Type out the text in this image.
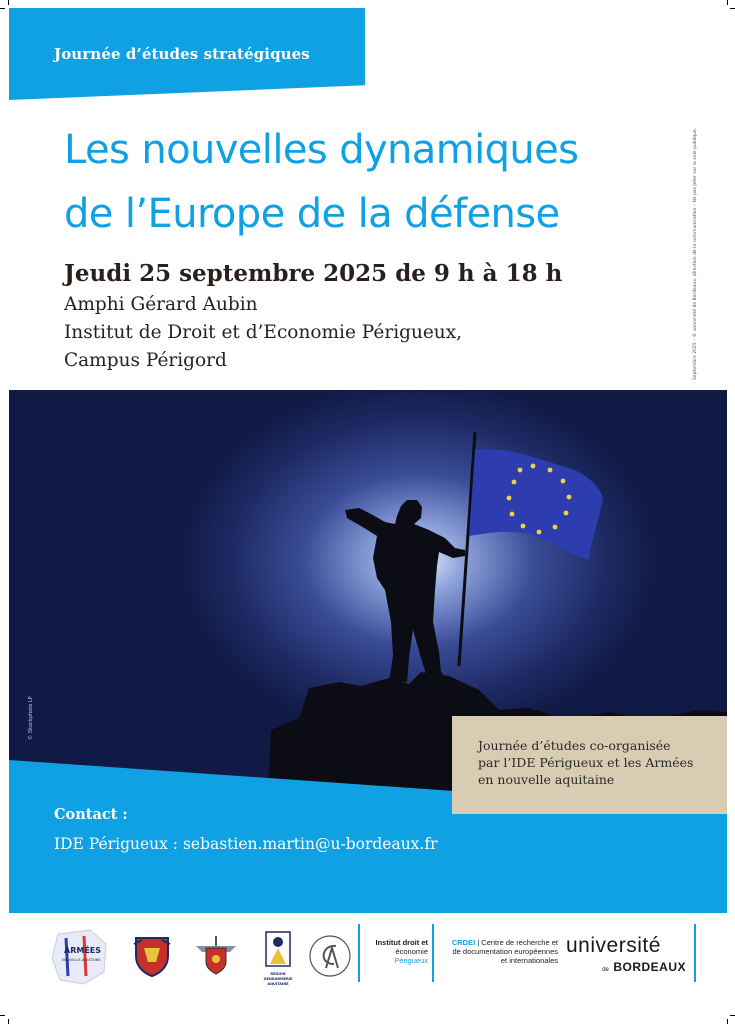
Journée d’études stratégiques
Les nouvelles dynamiques
de l’Europe de la défense
Jeudi 25 septembre 2025 de 9 h à 18 h
Amphi Gérard Aubin
Institut de Droit et d’Economie Périgueux,
Campus Périgord	Septembre 2025 – © université de Bordeaux, direction de la communication – Ne pas jeter sur la voie publique.
© iStockphoto LP
Journée d’études co-organisée
par l’IDE Périgueux et les Armées
en nouvelle aquitaine
Contact :
IDE Périgueux : sebastien.martin@u-bordeaux.fr
ARMÉES
NOUVELLE-AQUITAINE
RÉGION GENDARMERIE AQUITAINE
Institut droit et
économie
Périgueux
CRDEI | Centre de recherche et
de documentation européennes
et internationales
université
de BORDEAUX
